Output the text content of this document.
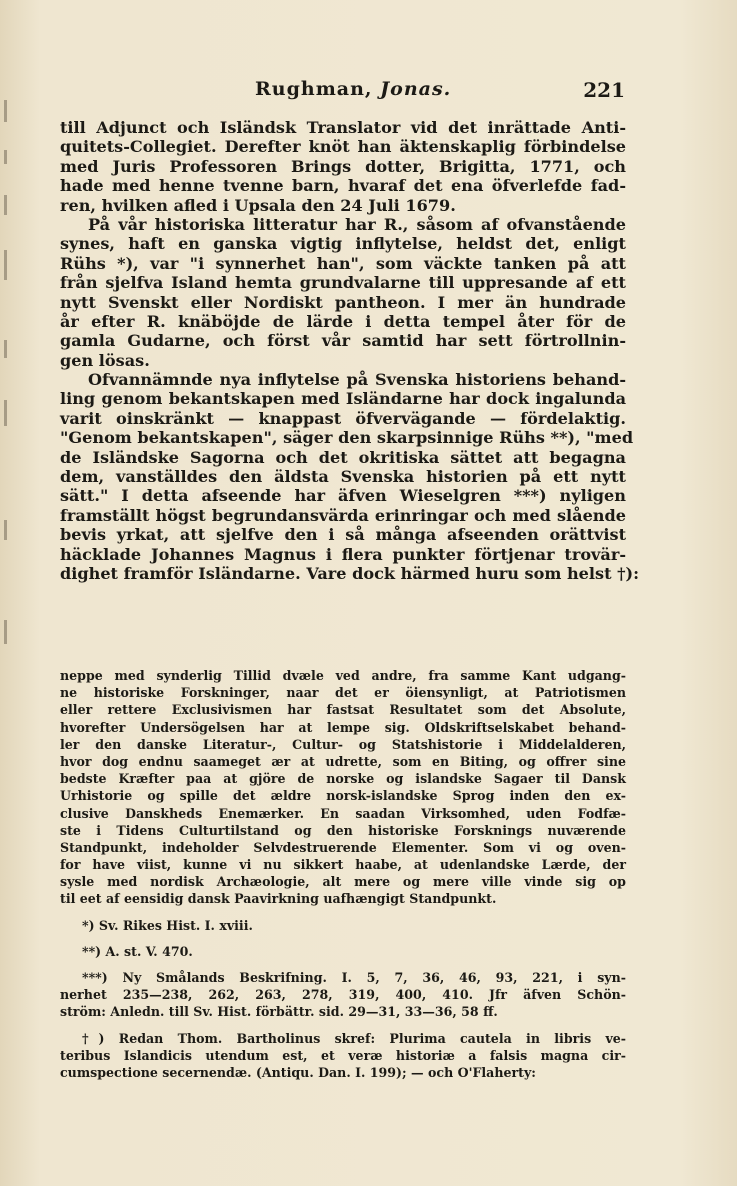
Rughman, Jonas.	221
till Adjunct och Isländsk Translator vid det inrättade Anti-
quitets-Collegiet. Derefter knöt han äktenskaplig förbindelse
med Juris Professoren Brings dotter, Brigitta, 1771, och
hade med henne tvenne barn, hvaraf det ena öfverlefde fad-
ren, hvilken afled i Upsala den 24 Juli 1679.
På vår historiska litteratur har R., såsom af ofvanstående
synes, haft en ganska vigtig inflytelse, heldst det, enligt
Rühs *), var "i synnerhet han", som väckte tanken på att
från sjelfva Island hemta grundvalarne till uppresande af ett
nytt Svenskt eller Nordiskt pantheon. I mer än hundrade
år efter R. knäböjde de lärde i detta tempel åter för de
gamla Gudarne, och först vår samtid har sett förtrollnin-
gen lösas.
Ofvannämnde nya inflytelse på Svenska historiens behand-
ling genom bekantskapen med Isländarne har dock ingalunda
varit oinskränkt — knappast öfvervägande — fördelaktig.
"Genom bekantskapen", säger den skarpsinnige Rühs **), "med
de Isländske Sagorna och det okritiska sättet att begagna
dem, vanställdes den äldsta Svenska historien på ett nytt
sätt." I detta afseende har äfven Wieselgren ***) nyligen
framställt högst begrundansvärda erinringar och med slående
bevis yrkat, att sjelfve den i så många afseenden orättvist
häcklade Johannes Magnus i flera punkter förtjenar trovär-
dighet framför Isländarne. Vare dock härmed huru som helst †):
neppe med synderlig Tillid dvæle ved andre, fra samme Kant udgang-
ne historiske Forskninger, naar det er öiensynligt, at Patriotismen
eller rettere Exclusivismen har fastsat Resultatet som det Absolute,
hvorefter Undersögelsen har at lempe sig. Oldskriftselskabet behand-
ler den danske Literatur-, Cultur- og Statshistorie i Middelalderen,
hvor dog endnu saameget ær at udrette, som en Biting, og offrer sine
bedste Kræfter paa at gjöre de norske og islandske Sagaer til Dansk
Urhistorie og spille det ældre norsk-islandske Sprog inden den ex-
clusive Danskheds Enemærker. En saadan Virksomhed, uden Fodfæ-
ste i Tidens Culturtilstand og den historiske Forsknings nuværende
Standpunkt, indeholder Selvdestruerende Elementer. Som vi og oven-
for have viist, kunne vi nu sikkert haabe, at udenlandske Lærde, der
sysle med nordisk Archæologie, alt mere og mere ville vinde sig op
til eet af eensidig dansk Paavirkning uafhængigt Standpunkt.
*) Sv. Rikes Hist. I. xviii.
**) A. st. V. 470.
***) Ny Smålands Beskrifning. I. 5, 7, 36, 46, 93, 221, i syn-
nerhet 235—238, 262, 263, 278, 319, 400, 410. Jfr äfven Schön-
ström: Anledn. till Sv. Hist. förbättr. sid. 29—31, 33—36, 58 ff.
†) Redan Thom. Bartholinus skref: Plurima cautela in libris ve-
teribus Islandicis utendum est, et veræ historiæ a falsis magna cir-
cumspectione secernendæ. (Antiqu. Dan. I. 199); — och O'Flaherty:
